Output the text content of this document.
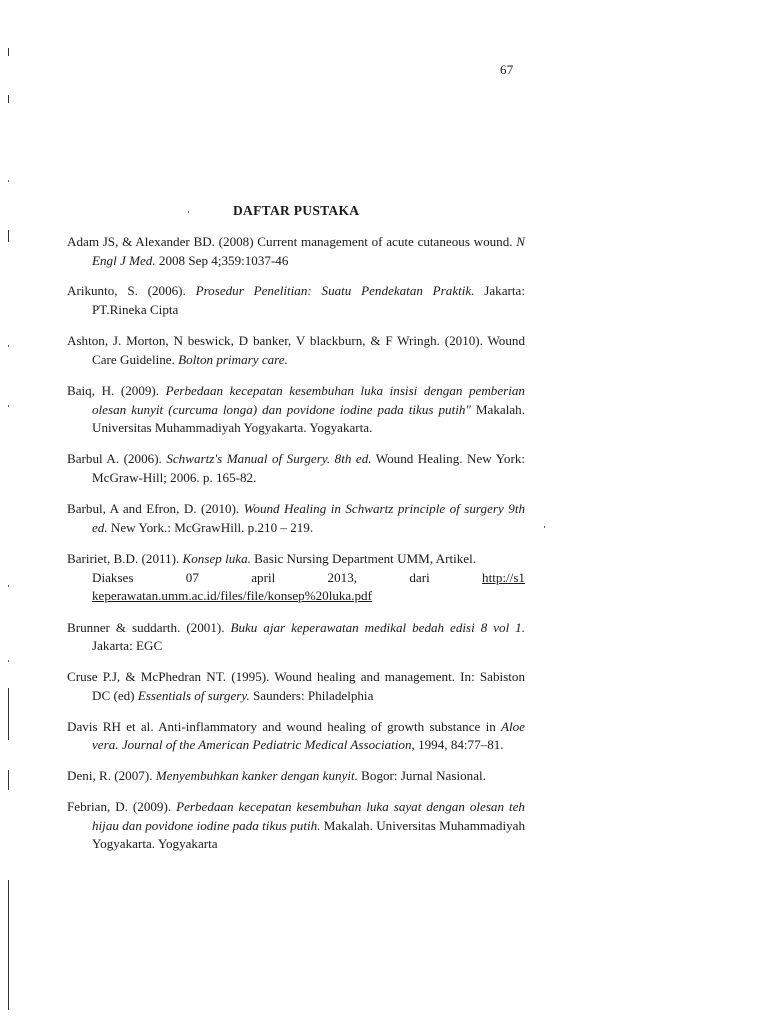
67
DAFTAR PUSTAKA

Adam JS, & Alexander BD. (2008) Current management of acute cutaneous wound. N Engl J Med. 2008 Sep 4;359:1037-46

Arikunto, S. (2006). Prosedur Penelitian: Suatu Pendekatan Praktik. Jakarta: PT.Rineka Cipta

Ashton, J. Morton, N beswick, D banker, V blackburn, & F Wringh. (2010). Wound Care Guideline. Bolton primary care.

Baiq, H. (2009). Perbedaan kecepatan kesembuhan luka insisi dengan pemberian olesan kunyit (curcuma longa) dan povidone iodine pada tikus putih" Makalah. Universitas Muhammadiyah Yogyakarta. Yogyakarta.

Barbul A. (2006). Schwartz's Manual of Surgery. 8th ed. Wound Healing. New York: McGraw-Hill; 2006. p. 165-82.

Barbul, A and Efron, D. (2010). Wound Healing in Schwartz principle of surgery 9th ed. New York.: McGrawHill. p.210 – 219.

Baririet, B.D. (2011). Konsep luka. Basic Nursing Department UMM, Artikel.
Diakses	07	april	2013,	dari	http://s1
keperawatan.umm.ac.id/files/file/konsep%20luka.pdf

Brunner & suddarth. (2001). Buku ajar keperawatan medikal bedah edisi 8 vol 1. Jakarta: EGC

Cruse P.J, & McPhedran NT. (1995). Wound healing and management. In: Sabiston DC (ed) Essentials of surgery. Saunders: Philadelphia

Davis RH et al. Anti-inflammatory and wound healing of growth substance in Aloe vera. Journal of the American Pediatric Medical Association, 1994, 84:77–81.

Deni, R. (2007). Menyembuhkan kanker dengan kunyit. Bogor: Jurnal Nasional.

Febrian, D. (2009). Perbedaan kecepatan kesembuhan luka sayat dengan olesan teh hijau dan povidone iodine pada tikus putih. Makalah. Universitas Muhammadiyah Yogyakarta. Yogyakarta
